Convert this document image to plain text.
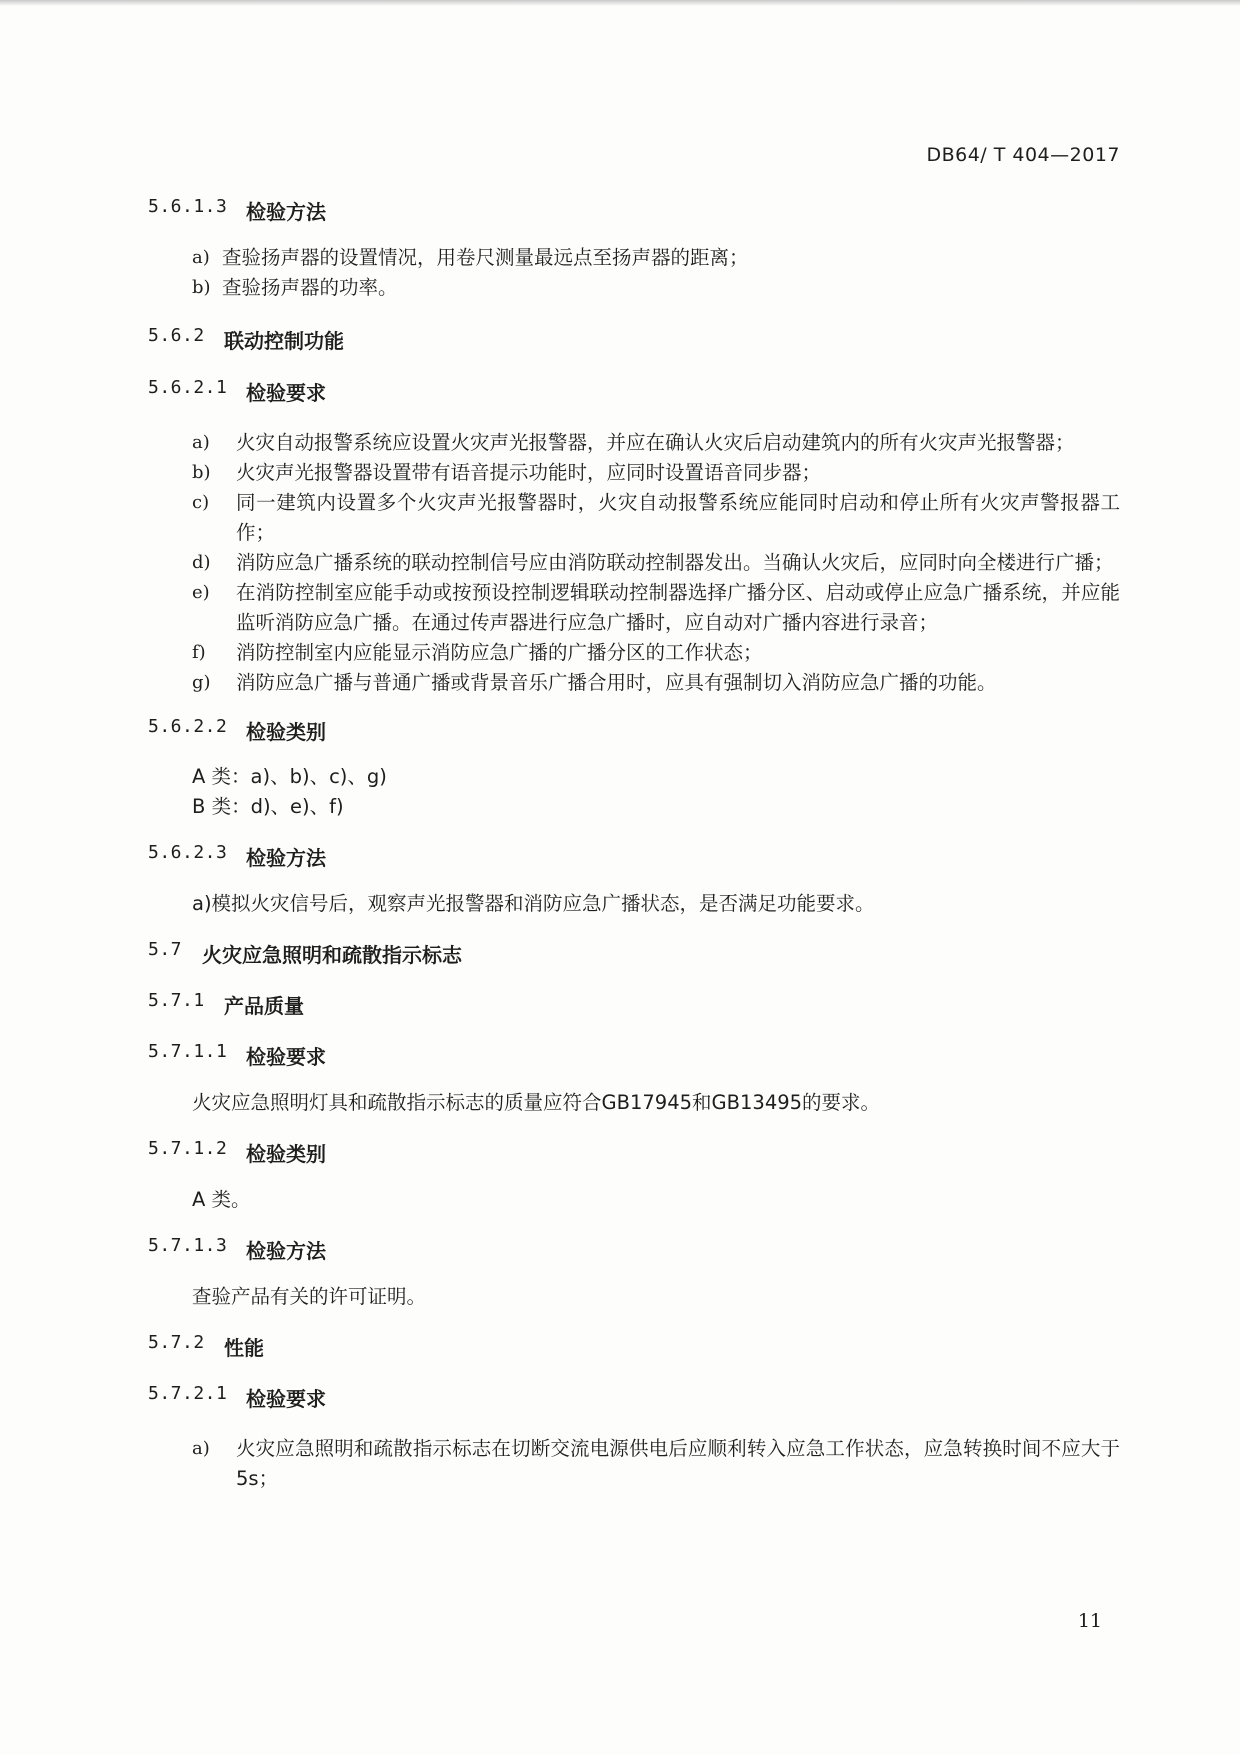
DB64/ T 404—2017
5.6.1.3 检验方法
a) 查验扬声器的设置情况，用卷尺测量最远点至扬声器的距离；
b) 查验扬声器的功率。
5.6.2 联动控制功能
5.6.2.1 检验要求
a)	火灾自动报警系统应设置火灾声光报警器，并应在确认火灾后启动建筑内的所有火灾声光报警器；
b)	火灾声光报警器设置带有语音提示功能时，应同时设置语音同步器；
c)	同一建筑内设置多个火灾声光报警器时，火灾自动报警系统应能同时启动和停止所有火灾声警报器工作；
d)	消防应急广播系统的联动控制信号应由消防联动控制器发出。当确认火灾后，应同时向全楼进行广播；
e)	在消防控制室应能手动或按预设控制逻辑联动控制器选择广播分区、启动或停止应急广播系统，并应能监听消防应急广播。在通过传声器进行应急广播时，应自动对广播内容进行录音；
f)	消防控制室内应能显示消防应急广播的广播分区的工作状态；
g)	消防应急广播与普通广播或背景音乐广播合用时，应具有强制切入消防应急广播的功能。
5.6.2.2 检验类别

A 类：a)、b)、c)、g)

B 类：d)、e)、f)

5.6.2.3 检验方法

a)模拟火灾信号后，观察声光报警器和消防应急广播状态，是否满足功能要求。

5.7 火灾应急照明和疏散指示标志
5.7.1 产品质量
5.7.1.1 检验要求

火灾应急照明灯具和疏散指示标志的质量应符合GB17945和GB13495的要求。

5.7.1.2 检验类别

A 类。

5.7.1.3 检验方法

查验产品有关的许可证明。

5.7.2 性能
5.7.2.1 检验要求
a)	火灾应急照明和疏散指示标志在切断交流电源供电后应顺利转入应急工作状态，应急转换时间不应大于 5s；
11
